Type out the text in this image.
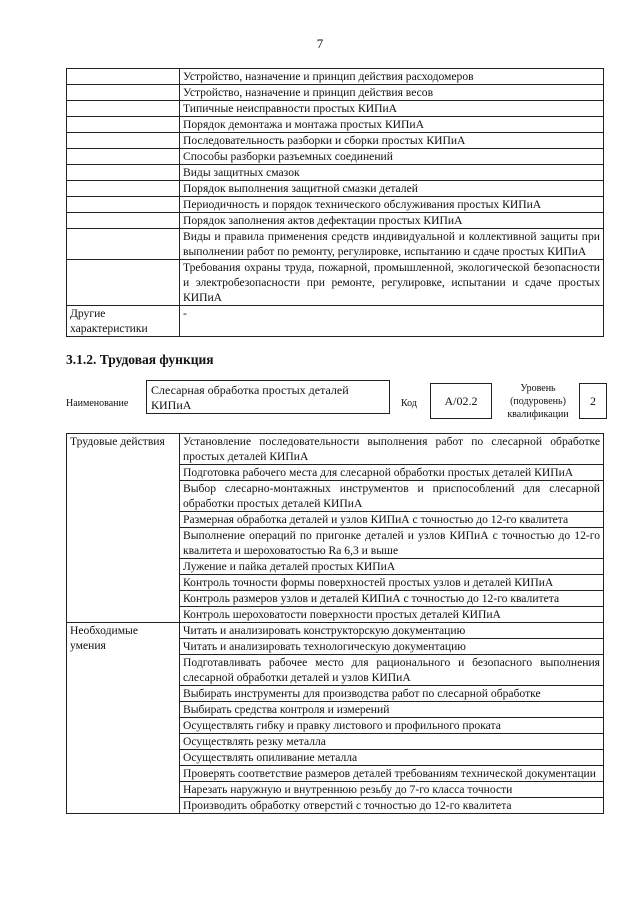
7
	Устройство, назначение и принцип действия расходомеров
	Устройство, назначение и принцип действия весов
	Типичные неисправности простых КИПиА
	Порядок демонтажа и монтажа простых КИПиА
	Последовательность разборки и сборки простых КИПиА
	Способы разборки разъемных соединений
	Виды защитных смазок
	Порядок выполнения защитной смазки деталей
	Периодичность и порядок технического обслуживания простых КИПиА
	Порядок заполнения актов дефектации простых КИПиА
	Виды и правила применения средств индивидуальной и коллективной защиты при выполнении работ по ремонту, регулировке, испытанию и сдаче простых КИПиА
	Требования охраны труда, пожарной, промышленной, экологической безопасности и электробезопасности при ремонте, регулировке, испытании и сдаче простых КИПиА
Другие характеристики	-
3.1.2. Трудовая функция
Наименование
Слесарная обработка простых деталей КИПиА	Код	A/02.2
Уровень (подуровень) квалификации
2
Трудовые действия	Установление последовательности выполнения работ по слесарной обработке простых деталей КИПиА
	Подготовка рабочего места для слесарной обработки простых деталей КИПиА
	Выбор слесарно-монтажных инструментов и приспособлений для слесарной обработки простых деталей КИПиА
	Размерная обработка деталей и узлов КИПиА с точностью до 12-го квалитета
	Выполнение операций по пригонке деталей и узлов КИПиА с точностью до 12-го квалитета и шероховатостью Ra 6,3 и выше
	Лужение и пайка деталей простых КИПиА
	Контроль точности формы поверхностей простых узлов и деталей КИПиА
	Контроль размеров узлов и деталей КИПиА с точностью до 12-го квалитета
	Контроль шероховатости поверхности простых деталей КИПиА
Необходимые умения	Читать и анализировать конструкторскую документацию
	Читать и анализировать технологическую документацию
	Подготавливать рабочее место для рационального и безопасного выполнения слесарной обработки деталей и узлов КИПиА
	Выбирать инструменты для производства работ по слесарной обработке
	Выбирать средства контроля и измерений
	Осуществлять гибку и правку листового и профильного проката
	Осуществлять резку металла
	Осуществлять опиливание металла
	Проверять соответствие размеров деталей требованиям технической документации
	Нарезать наружную и внутреннюю резьбу до 7-го класса точности
	Производить обработку отверстий с точностью до 12-го квалитета
